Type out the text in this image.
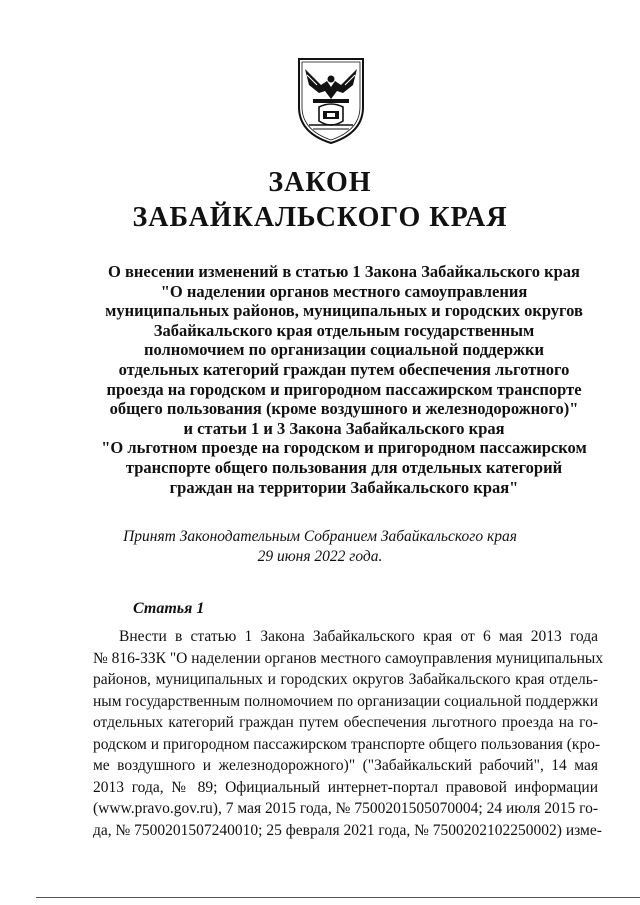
ЗАКОН
ЗАБАЙКАЛЬСКОГО КРАЯ
О внесении изменений в статью 1 Закона Забайкальского края
"О наделении органов местного самоуправления
муниципальных районов, муниципальных и городских округов
Забайкальского края отдельным государственным
полномочием по организации социальной поддержки
отдельных категорий граждан путем обеспечения льготного
проезда на городском и пригородном пассажирском транспорте
общего пользования (кроме воздушного и железнодорожного)"
и статьи 1 и 3 Закона Забайкальского края
"О льготном проезде на городском и пригородном пассажирском
транспорте общего пользования для отдельных категорий
граждан на территории Забайкальского края"
Принят Законодательным Собранием Забайкальского края
29 июня 2022 года.
Статья 1
Внести в статью 1 Закона Забайкальского края от 6 мая 2013 года
№ 816-ЗЗК "О наделении органов местного самоуправления муниципальных
районов, муниципальных и городских округов Забайкальского края отдель-
ным государственным полномочием по организации социальной поддержки
отдельных категорий граждан путем обеспечения льготного проезда на го-
родском и пригородном пассажирском транспорте общего пользования (кро-
ме воздушного и железнодорожного)" ("Забайкальский рабочий", 14 мая
2013 года, № 89; Официальный интернет-портал правовой информации
(www.pravo.gov.ru), 7 мая 2015 года, № 7500201505070004; 24 июля 2015 го-
да, № 7500201507240010; 25 февраля 2021 года, № 7500202102250002) изме-
